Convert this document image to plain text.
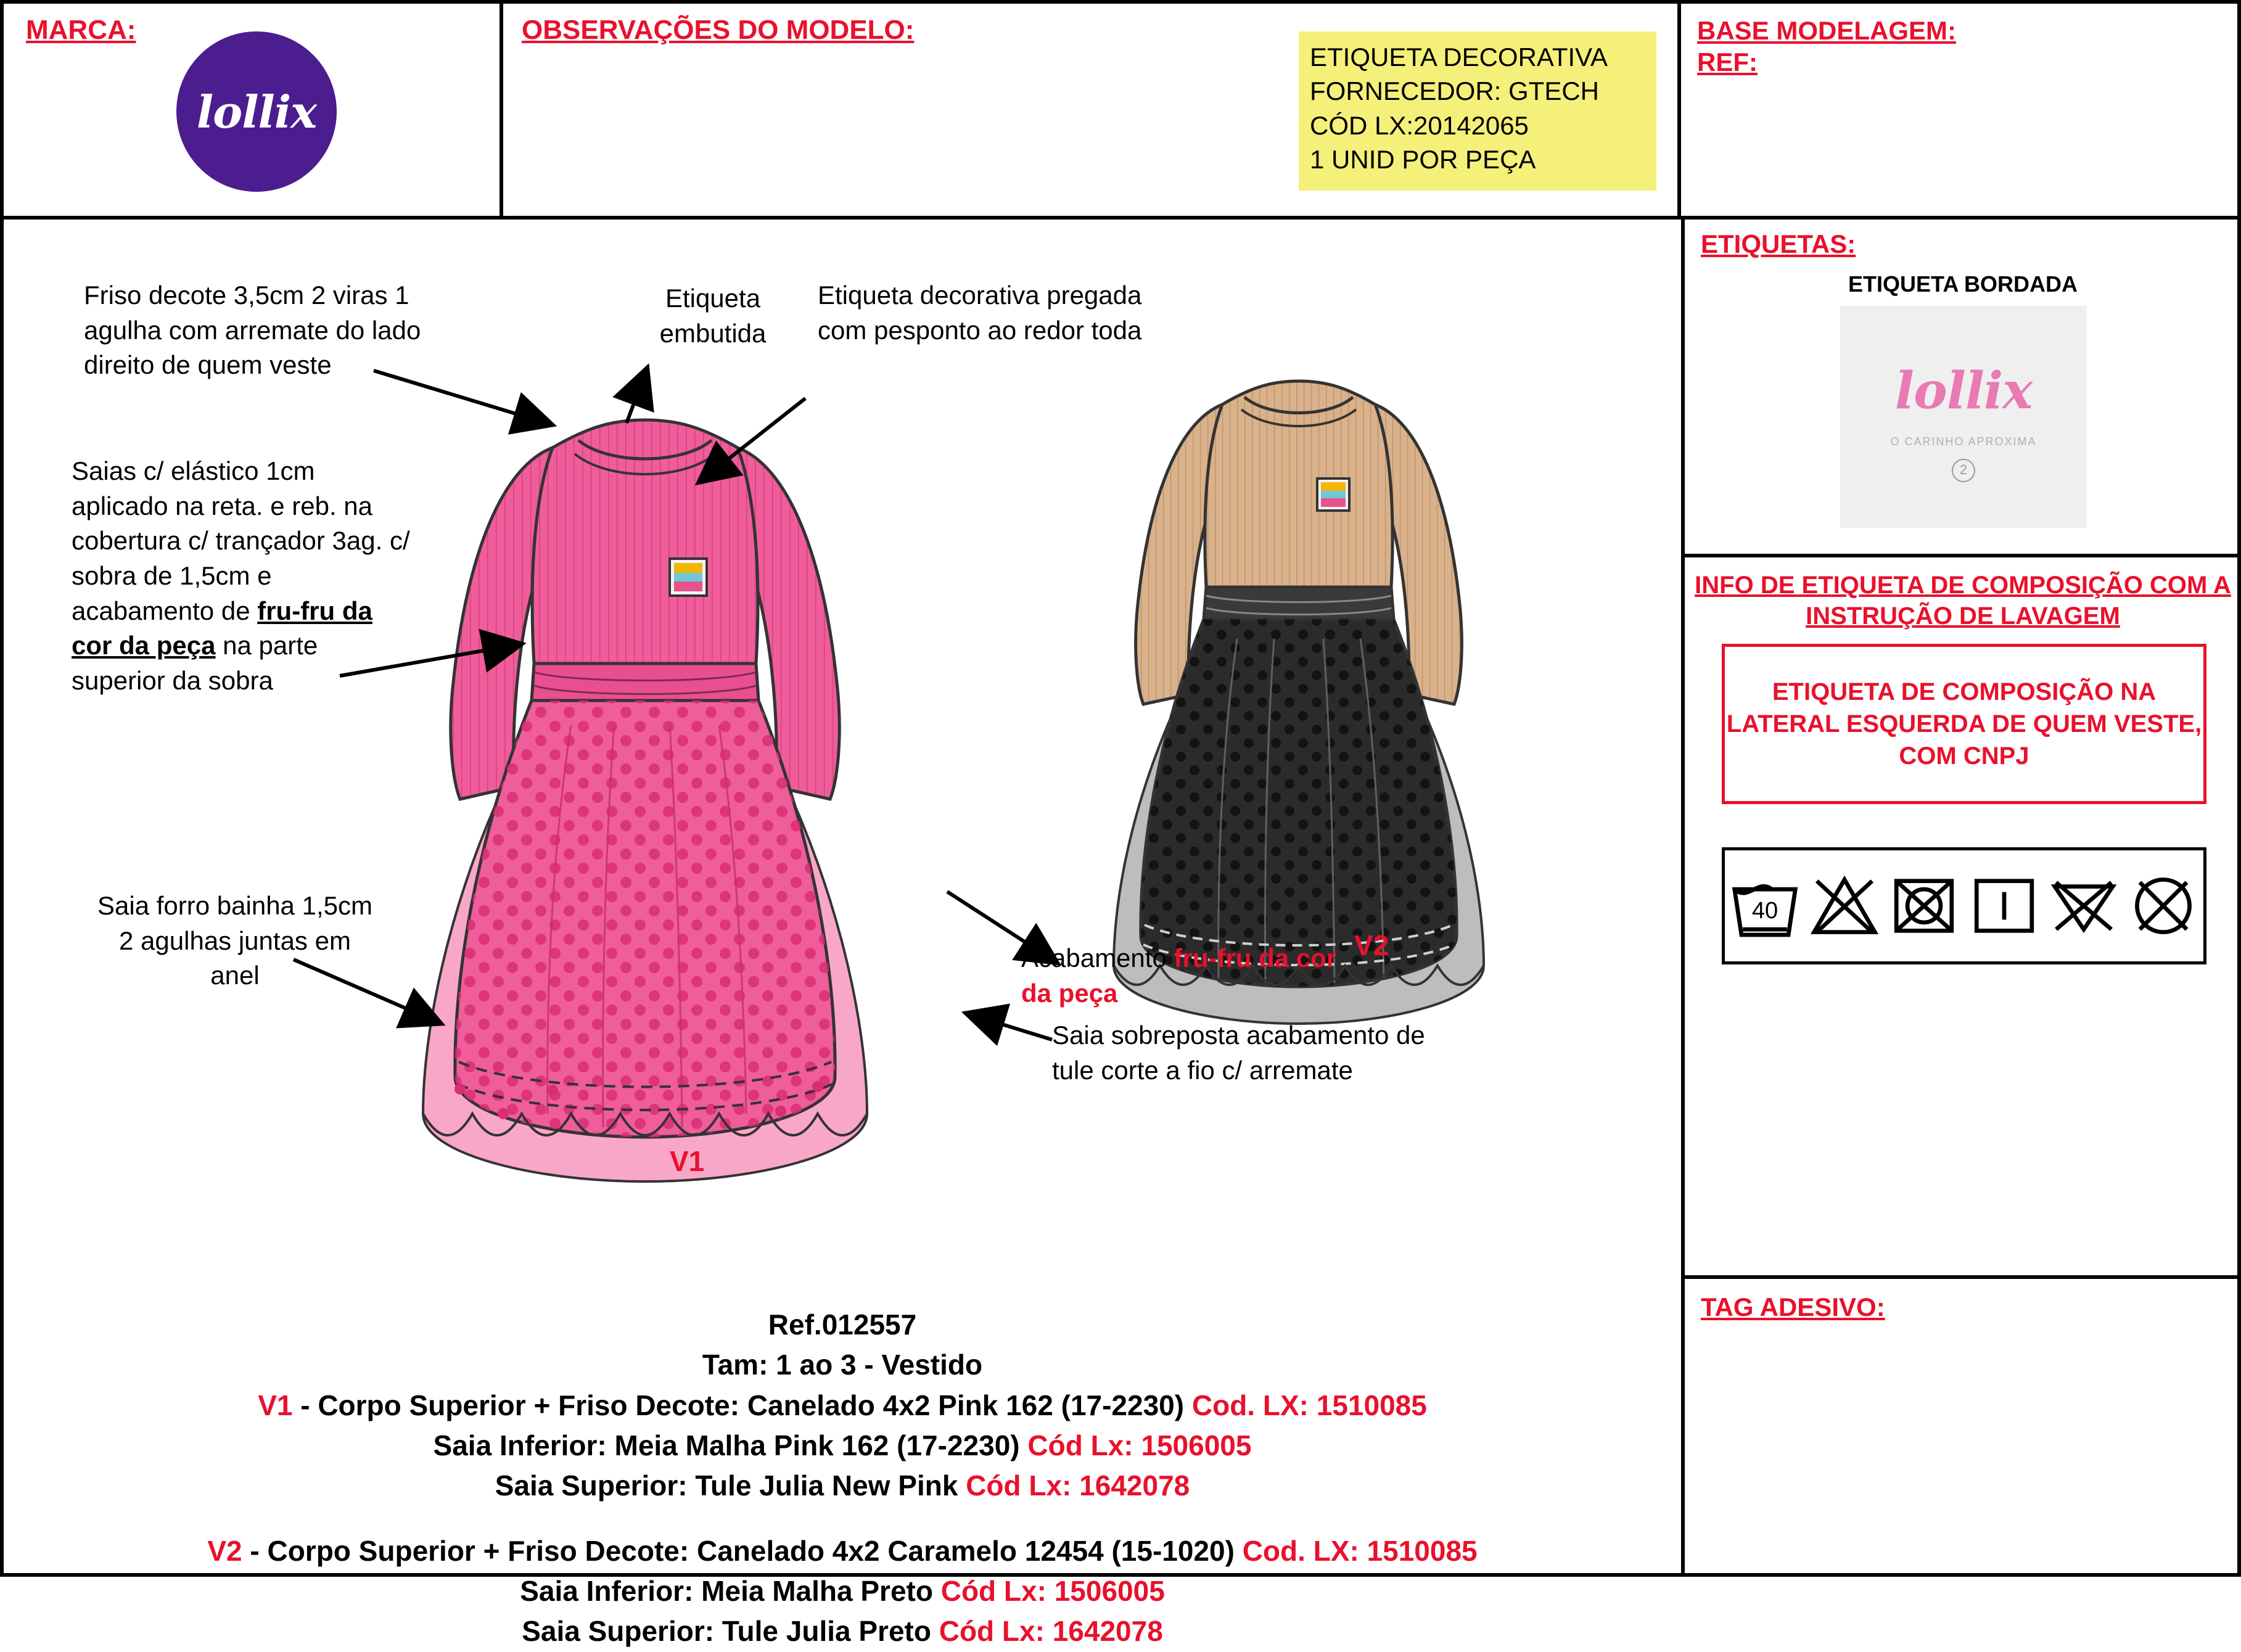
MARCA:
lollix
OBSERVAÇÕES DO MODELO:
ETIQUETA DECORATIVA
FORNECEDOR: GTECH
CÓD LX:20142065
1 UNID POR PEÇA
BASE MODELAGEM:
REF:
ETIQUETAS:
ETIQUETA BORDADA
lollix
O CARINHO APROXIMA
2
INFO DE ETIQUETA DE COMPOSIÇÃO COM A INSTRUÇÃO DE LAVAGEM
ETIQUETA DE COMPOSIÇÃO NA LATERAL ESQUERDA DE QUEM VESTE, COM CNPJ
40
TAG ADESIVO:
Friso decote 3,5cm 2 viras 1 agulha com arremate do lado direito de quem veste
Saias c/ elástico 1cm aplicado na reta. e reb. na cobertura c/ trançador 3ag. c/ sobra de 1,5cm e acabamento de fru-fru da cor da peça na parte superior da sobra
Saia forro bainha 1,5cm 2 agulhas juntas em anel
Etiqueta embutida
Etiqueta decorativa pregada com pesponto ao redor toda
Acabamento fru-fru da cor da peça
Saia sobreposta acabamento de tule corte a fio c/ arremate
V1
V2
Ref.012557
Tam: 1 ao 3 - Vestido
V1 - Corpo Superior + Friso Decote: Canelado 4x2 Pink 162 (17-2230) Cod. LX: 1510085
Saia Inferior: Meia Malha Pink 162 (17-2230) Cód Lx: 1506005
Saia Superior: Tule Julia New Pink Cód Lx: 1642078
V2 - Corpo Superior + Friso Decote: Canelado 4x2 Caramelo 12454 (15-1020) Cod. LX: 1510085
Saia Inferior: Meia Malha Preto Cód Lx: 1506005
Saia Superior: Tule Julia Preto Cód Lx: 1642078
